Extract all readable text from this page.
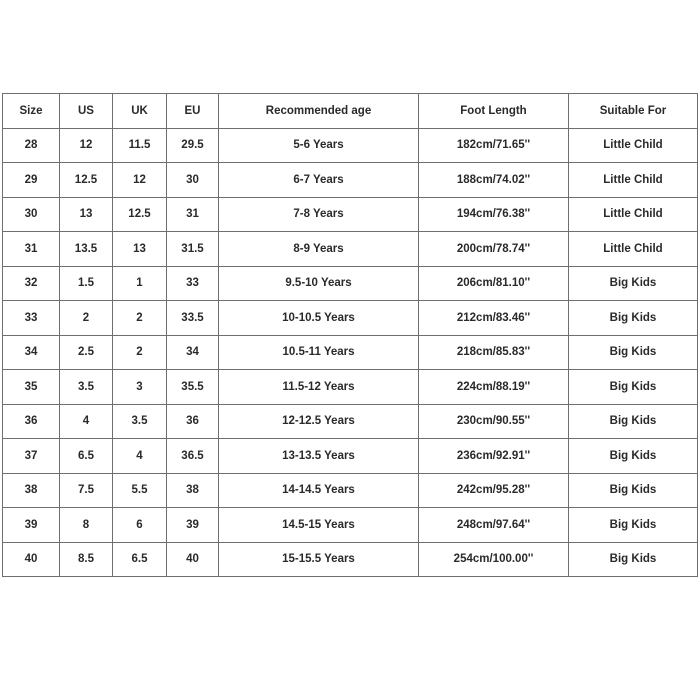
Size	US	UK	EU	Recommended age	Foot Length	Suitable For
28	12	11.5	29.5	5-6 Years	182cm/71.65''	Little Child
29	12.5	12	30	6-7 Years	188cm/74.02''	Little Child
30	13	12.5	31	7-8 Years	194cm/76.38''	Little Child
31	13.5	13	31.5	8-9 Years	200cm/78.74''	Little Child
32	1.5	1	33	9.5-10 Years	206cm/81.10''	Big Kids
33	2	2	33.5	10-10.5 Years	212cm/83.46''	Big Kids
34	2.5	2	34	10.5-11 Years	218cm/85.83''	Big Kids
35	3.5	3	35.5	11.5-12 Years	224cm/88.19''	Big Kids
36	4	3.5	36	12-12.5 Years	230cm/90.55''	Big Kids
37	6.5	4	36.5	13-13.5 Years	236cm/92.91''	Big Kids
38	7.5	5.5	38	14-14.5 Years	242cm/95.28''	Big Kids
39	8	6	39	14.5-15 Years	248cm/97.64''	Big Kids
40	8.5	6.5	40	15-15.5 Years	254cm/100.00''	Big Kids
